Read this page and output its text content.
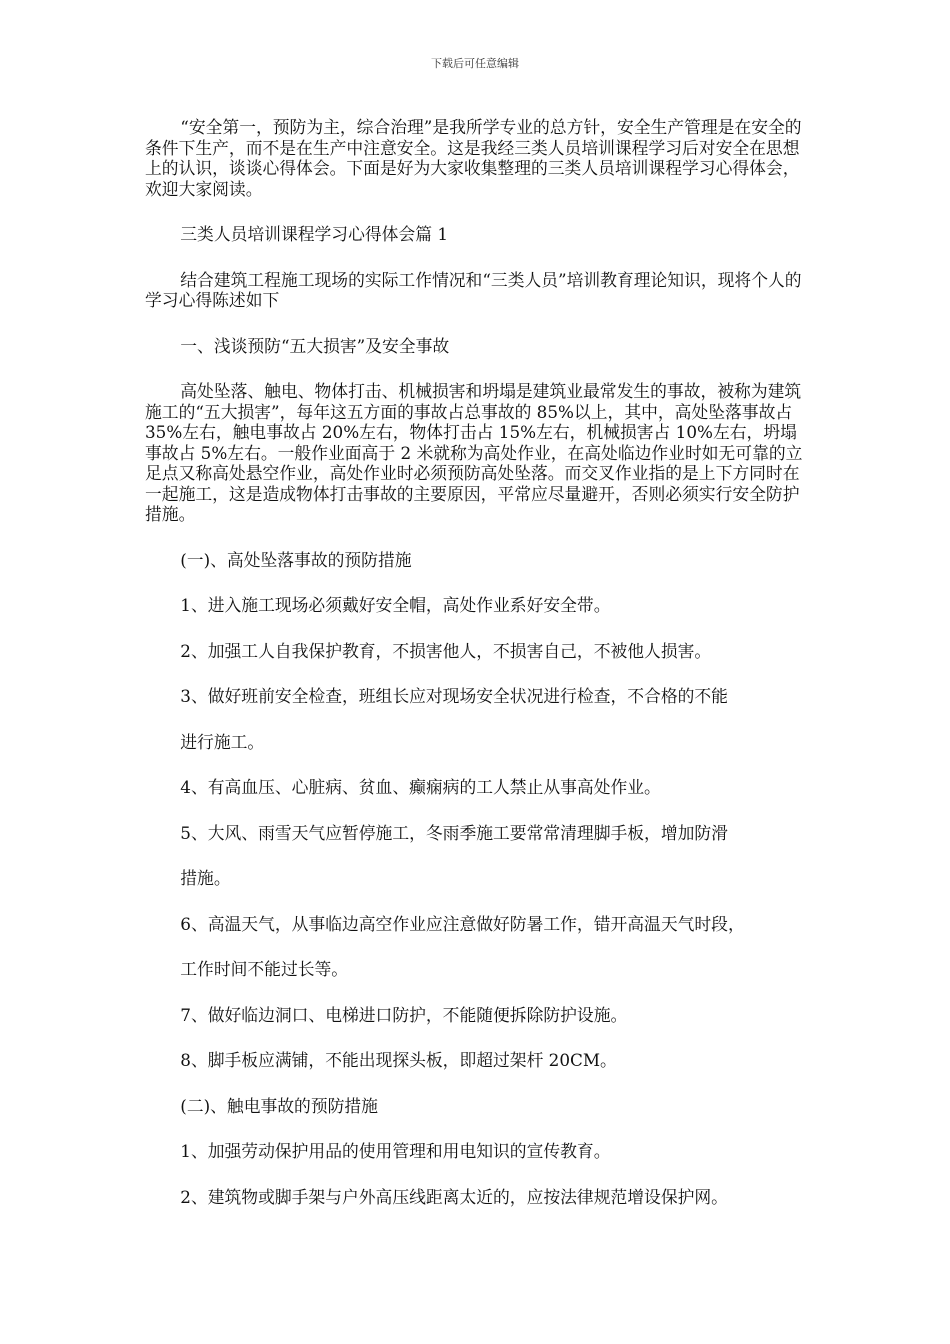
下载后可任意编辑

“安全第一，预防为主，综合治理”是我所学专业的总方针，安全生产管理是在安全的条件下生产，而不是在生产中注意安全。这是我经三类人员培训课程学习后对安全在思想上的认识，谈谈心得体会。下面是好为大家收集整理的三类人员培训课程学习心得体会，欢迎大家阅读。

三类人员培训课程学习心得体会篇 1

结合建筑工程施工现场的实际工作情况和“三类人员”培训教育理论知识，现将个人的学习心得陈述如下

一、浅谈预防“五大损害”及安全事故

高处坠落、触电、物体打击、机械损害和坍塌是建筑业最常发生的事故，被称为建筑施工的“五大损害”，每年这五方面的事故占总事故的 85%以上，其中，高处坠落事故占 35%左右，触电事故占 20%左右，物体打击占 15%左右，机械损害占 10%左右，坍塌事故占 5%左右。一般作业面高于 2 米就称为高处作业，在高处临边作业时如无可靠的立足点又称高处悬空作业，高处作业时必须预防高处坠落。而交叉作业指的是上下方同时在一起施工，这是造成物体打击事故的主要原因，平常应尽量避开，否则必须实行安全防护措施。

(一)、高处坠落事故的预防措施

1、进入施工现场必须戴好安全帽，高处作业系好安全带。

2、加强工人自我保护教育，不损害他人，不损害自己，不被他人损害。

3、做好班前安全检查，班组长应对现场安全状况进行检查，不合格的不能

进行施工。

4、有高血压、心脏病、贫血、癫痫病的工人禁止从事高处作业。

5、大风、雨雪天气应暂停施工，冬雨季施工要常常清理脚手板，增加防滑

措施。

6、高温天气，从事临边高空作业应注意做好防暑工作，错开高温天气时段，

工作时间不能过长等。

7、做好临边洞口、电梯进口防护，不能随便拆除防护设施。

8、脚手板应满铺，不能出现探头板，即超过架杆 20CM。

(二)、触电事故的预防措施

1、加强劳动保护用品的使用管理和用电知识的宣传教育。

2、建筑物或脚手架与户外高压线距离太近的，应按法律规范增设保护网。
